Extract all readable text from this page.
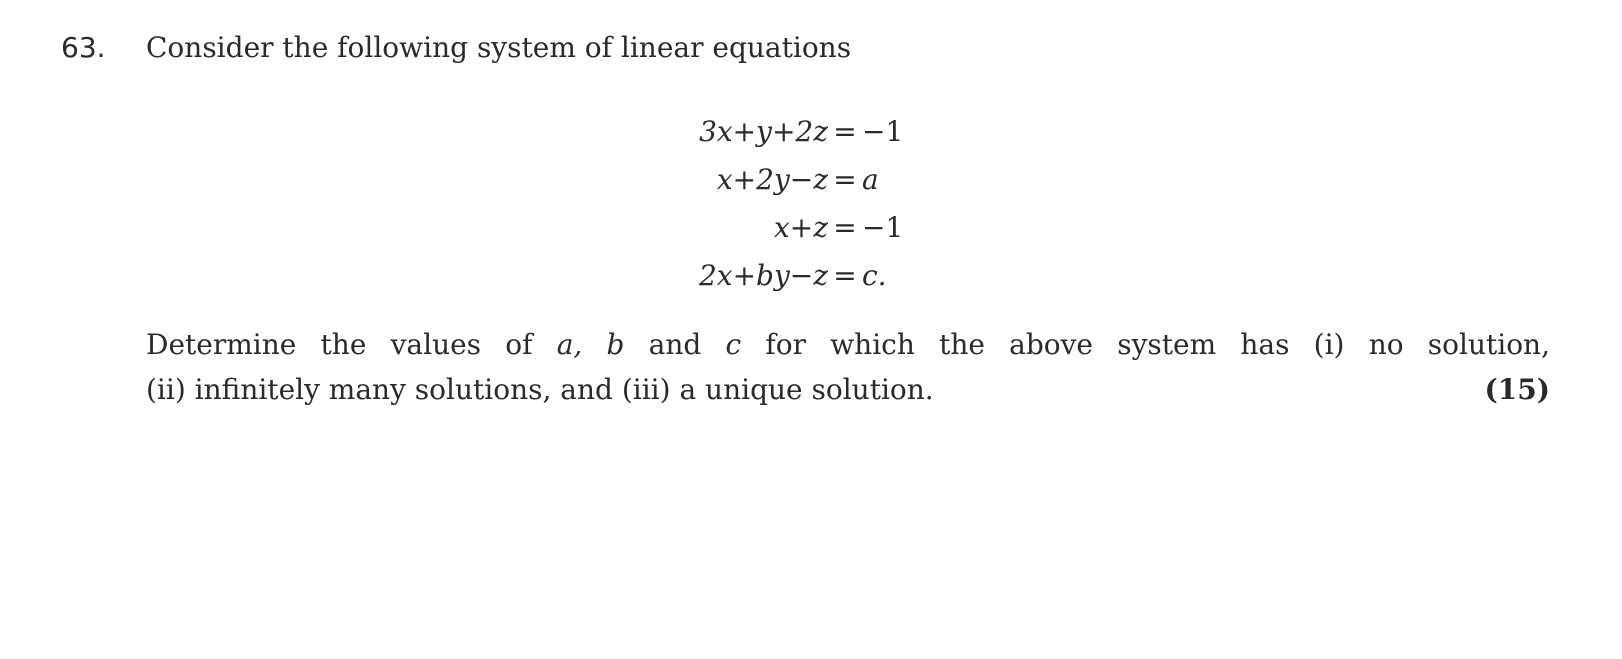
63. Consider the following system of linear equations
3x+y+2z = −1
x+2y−z = a
x+z = −1
2x+by−z = c.
Determine the values of a, b and c for which the above system has (i) no solution,
(ii) infinitely many solutions, and (iii) a unique solution.	(15)
